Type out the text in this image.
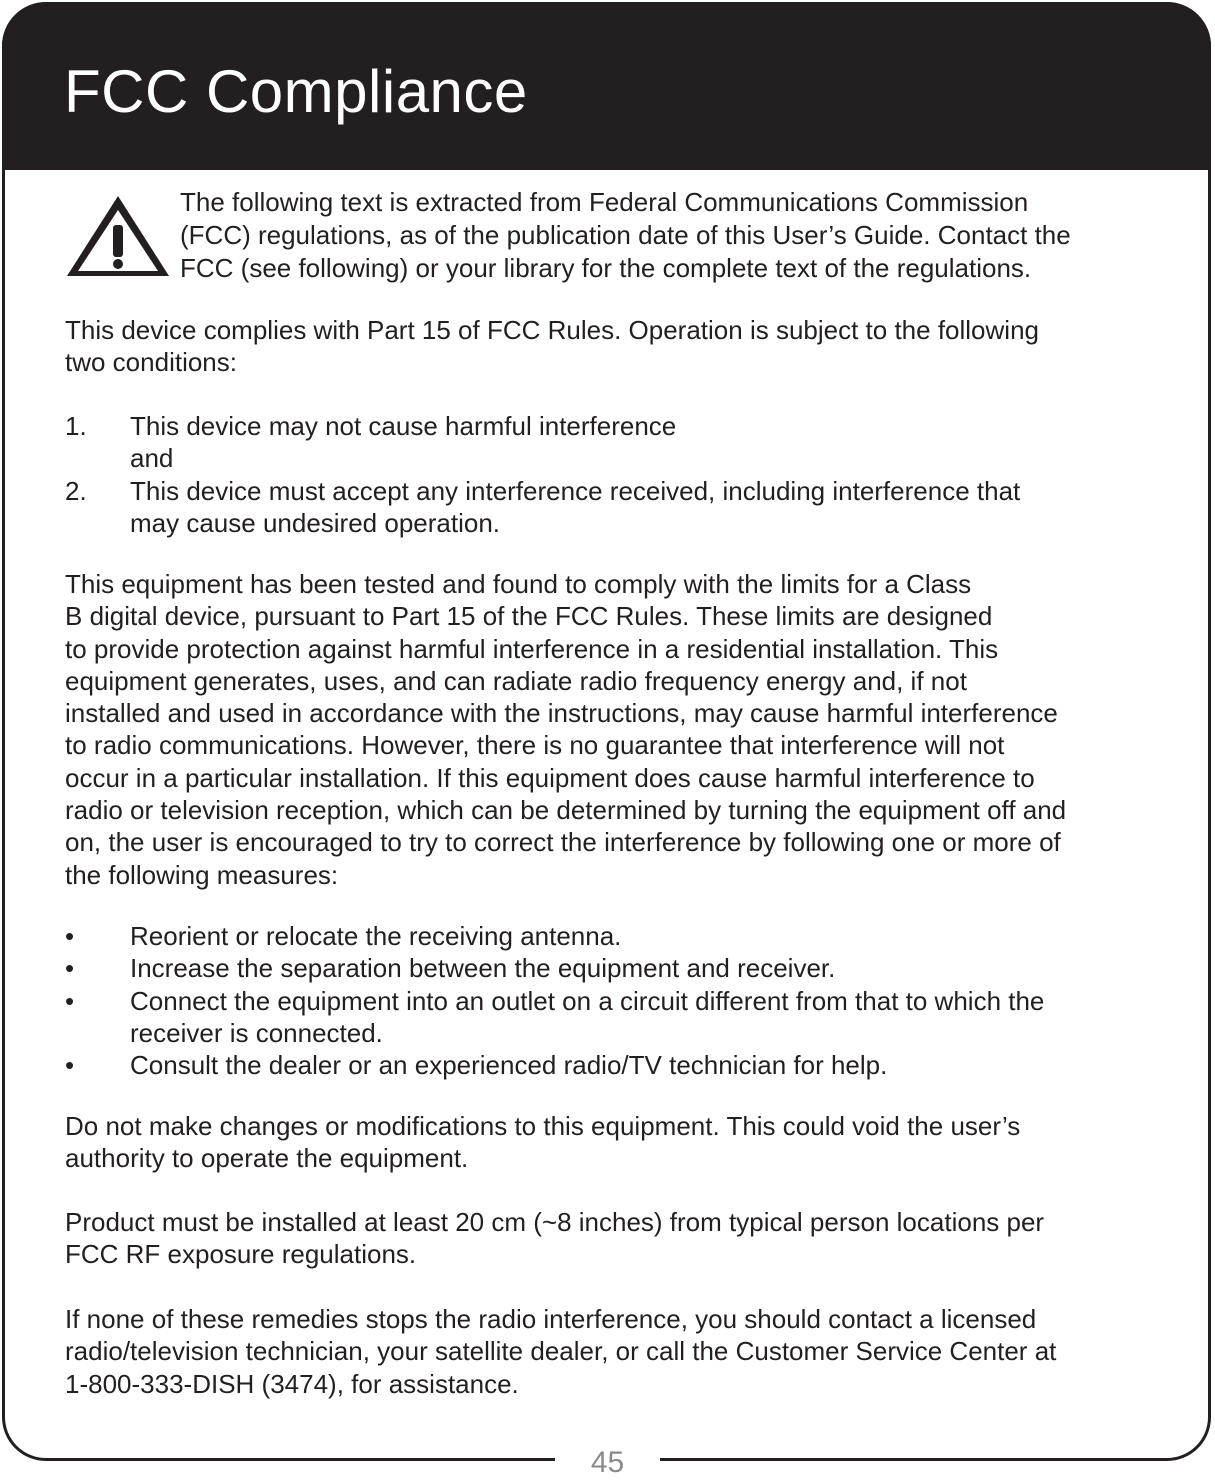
FCC Compliance

The following text is extracted from Federal Communications Commission
(FCC) regulations, as of the publication date of this User’s Guide. Contact the
FCC (see following) or your library for the complete text of the regulations.

This device complies with Part 15 of FCC Rules. Operation is subject to the following
two conditions:

1. This device may not cause harmful interference
and
2. This device must accept any interference received, including interference that
may cause undesired operation.

This equipment has been tested and found to comply with the limits for a Class
B digital device, pursuant to Part 15 of the FCC Rules. These limits are designed
to provide protection against harmful interference in a residential installation. This
equipment generates, uses, and can radiate radio frequency energy and, if not
installed and used in accordance with the instructions, may cause harmful interference
to radio communications. However, there is no guarantee that interference will not
occur in a particular installation. If this equipment does cause harmful interference to
radio or television reception, which can be determined by turning the equipment off and
on, the user is encouraged to try to correct the interference by following one or more of
the following measures:

• Reorient or relocate the receiving antenna.
• Increase the separation between the equipment and receiver.
• Connect the equipment into an outlet on a circuit different from that to which the
receiver is connected.
• Consult the dealer or an experienced radio/TV technician for help.

Do not make changes or modifications to this equipment. This could void the user’s
authority to operate the equipment.

Product must be installed at least 20 cm (~8 inches) from typical person locations per
FCC RF exposure regulations.

If none of these remedies stops the radio interference, you should contact a licensed
radio/television technician, your satellite dealer, or call the Customer Service Center at
1-800-333-DISH (3474), for assistance.

45
